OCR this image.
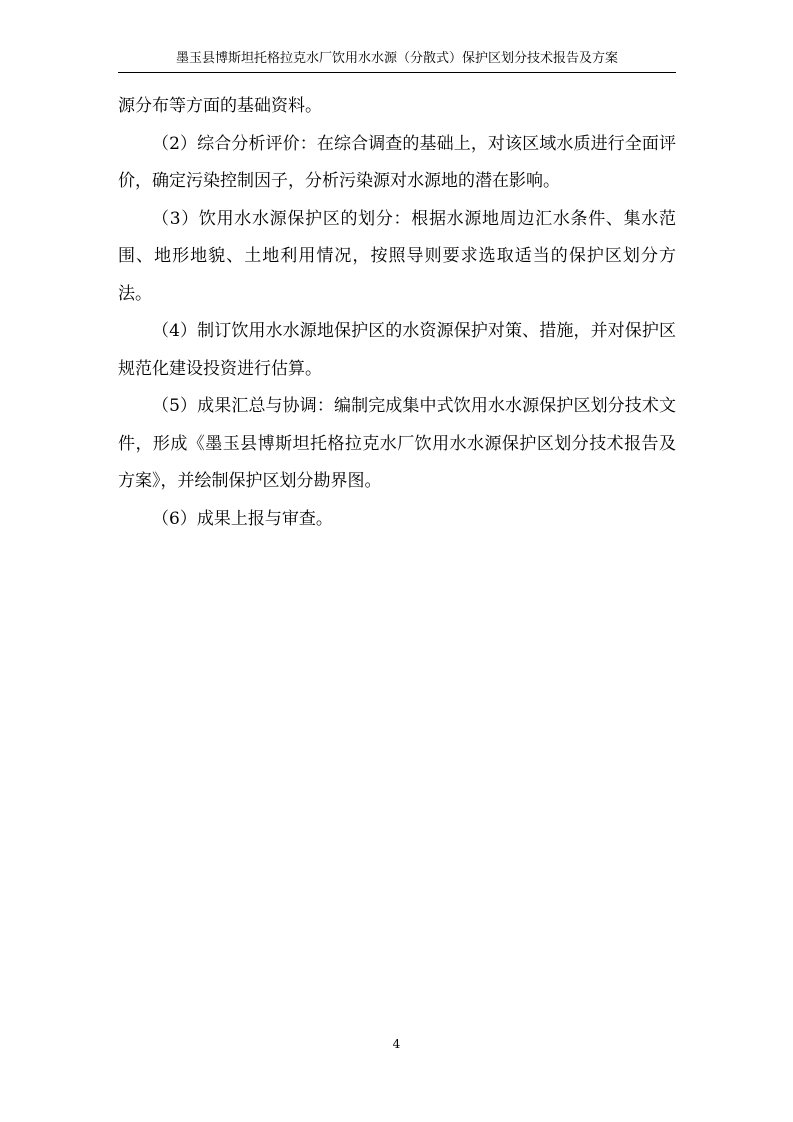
墨玉县博斯坦托格拉克水厂饮用水水源（分散式）保护区划分技术报告及方案

源分布等方面的基础资料。

（2）综合分析评价：在综合调查的基础上，对该区域水质进行全面评价，确定污染控制因子，分析污染源对水源地的潜在影响。

（3）饮用水水源保护区的划分：根据水源地周边汇水条件、集水范围、地形地貌、土地利用情况，按照导则要求选取适当的保护区划分方法。

（4）制订饮用水水源地保护区的水资源保护对策、措施，并对保护区规范化建设投资进行估算。

（5）成果汇总与协调：编制完成集中式饮用水水源保护区划分技术文件，形成《墨玉县博斯坦托格拉克水厂饮用水水源保护区划分技术报告及方案》，并绘制保护区划分勘界图。

（6）成果上报与审查。

4
